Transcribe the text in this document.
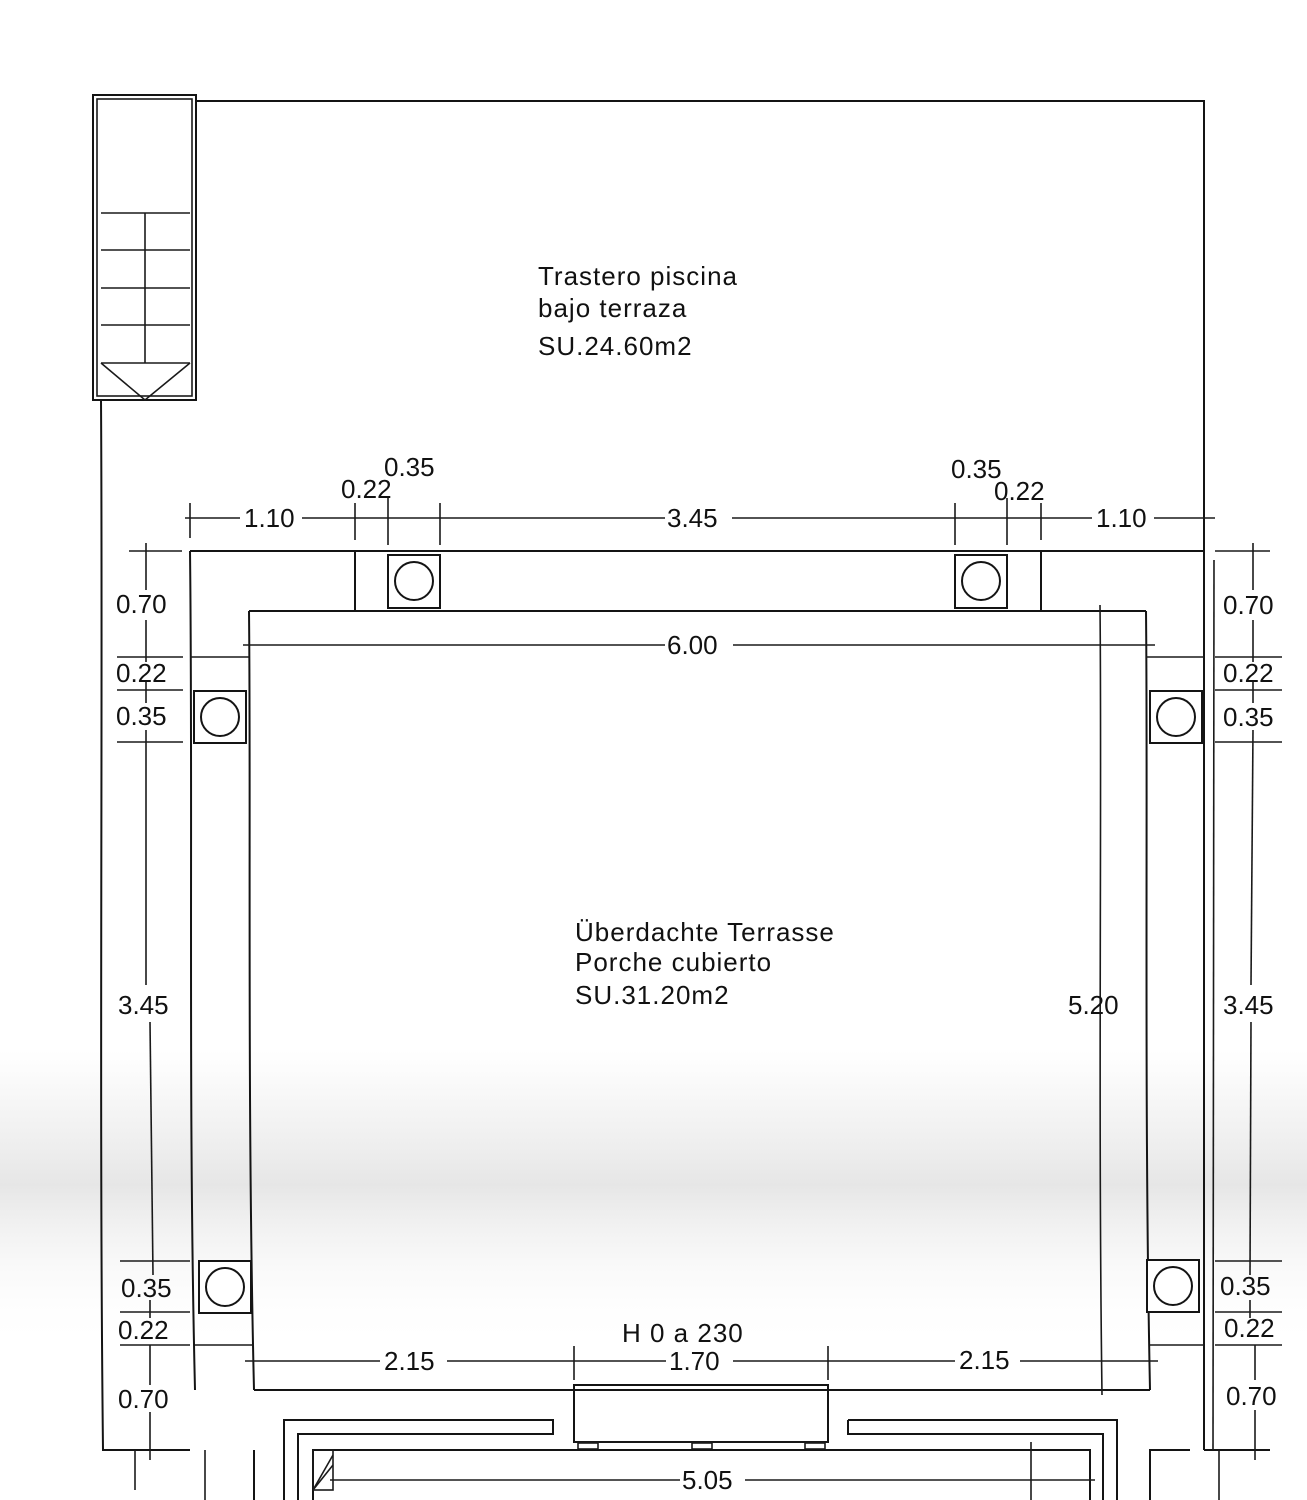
Trastero piscina
bajo terraza
SU.24.60m2
Überdachte Terrasse
Porche cubierto
SU.31.20m2
H 0 a 230
1.10
0.22
0.35
3.45
0.35
0.22
1.10
6.00
5.20
0.70
0.22
0.35
3.45
0.35
0.22
0.70
0.70
0.22
0.35
3.45
0.35
0.22
0.70
2.15	1.70	2.15
5.05
